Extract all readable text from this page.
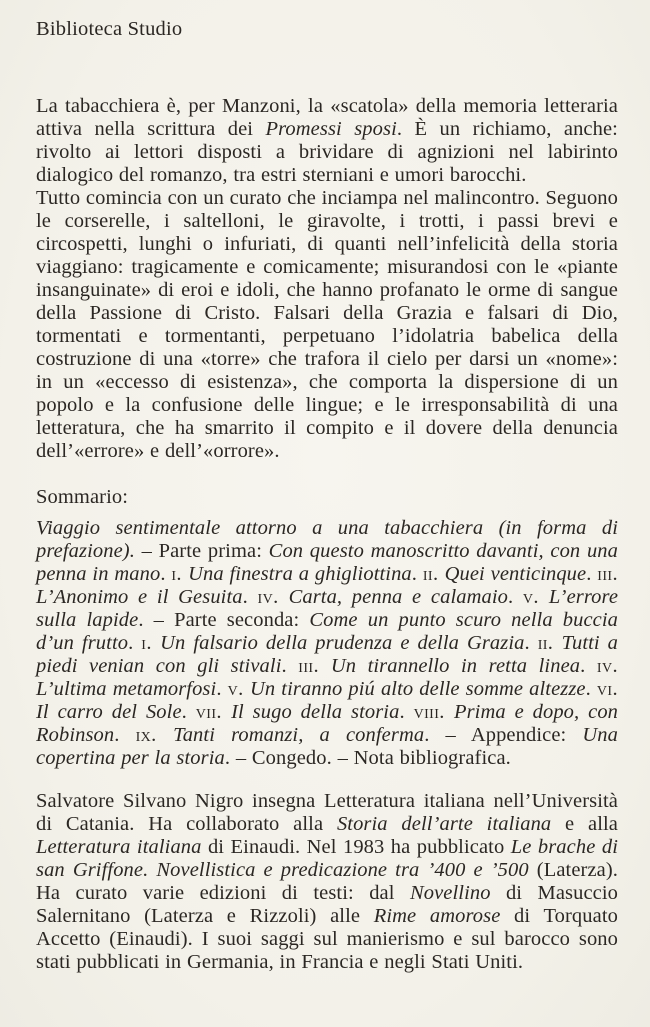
Biblioteca Studio

La tabacchiera è, per Manzoni, la «scatola» della memoria letteraria attiva nella scrittura dei Promessi sposi. È un richiamo, anche: rivolto ai lettori disposti a brividare di agnizioni nel labirinto dialogico del romanzo, tra estri sterniani e umori barocchi.

Tutto comincia con un curato che inciampa nel malincontro. Seguono le corserelle, i saltelloni, le giravolte, i trotti, i passi brevi e circospetti, lunghi o infuriati, di quanti nell’infelicità della storia viaggiano: tragicamente e comicamente; misurandosi con le «piante insanguinate» di eroi e idoli, che hanno profanato le orme di sangue della Passione di Cristo. Falsari della Grazia e falsari di Dio, tormentati e tormentanti, perpetuano l’idolatria babelica della costruzione di una «torre» che trafora il cielo per darsi un «nome»: in un «eccesso di esistenza», che comporta la dispersione di un popolo e la confusione delle lingue; e le irresponsabilità di una letteratura, che ha smarrito il compito e il dovere della denuncia dell’«errore» e dell’«orrore».

Sommario:

Viaggio sentimentale attorno a una tabacchiera (in forma di prefazione). – Parte prima: Con questo manoscritto davanti, con una penna in mano. i. Una finestra a ghigliottina. ii. Quei venticinque. iii. L’Anonimo e il Gesuita. iv. Carta, penna e calamaio. v. L’errore sulla lapide. – Parte seconda: Come un punto scuro nella buccia d’un frutto. i. Un falsario della prudenza e della Grazia. ii. Tutti a piedi venian con gli stivali. iii. Un tirannello in retta linea. iv. L’ultima metamorfosi. v. Un tiranno piú alto delle somme altezze. vi. Il carro del Sole. vii. Il sugo della storia. viii. Prima e dopo, con Robinson. ix. Tanti romanzi, a conferma. – Appendice: Una copertina per la storia. – Congedo. – Nota bibliografica.

Salvatore Silvano Nigro insegna Letteratura italiana nell’Università di Catania. Ha collaborato alla Storia dell’arte italiana e alla Letteratura italiana di Einaudi. Nel 1983 ha pubblicato Le brache di san Griffone. Novellistica e predicazione tra ’400 e ’500 (Laterza). Ha curato varie edizioni di testi: dal Novellino di Masuccio Salernitano (Laterza e Rizzoli) alle Rime amorose di Torquato Accetto (Einaudi). I suoi saggi sul manierismo e sul barocco sono stati pubblicati in Germania, in Francia e negli Stati Uniti.
